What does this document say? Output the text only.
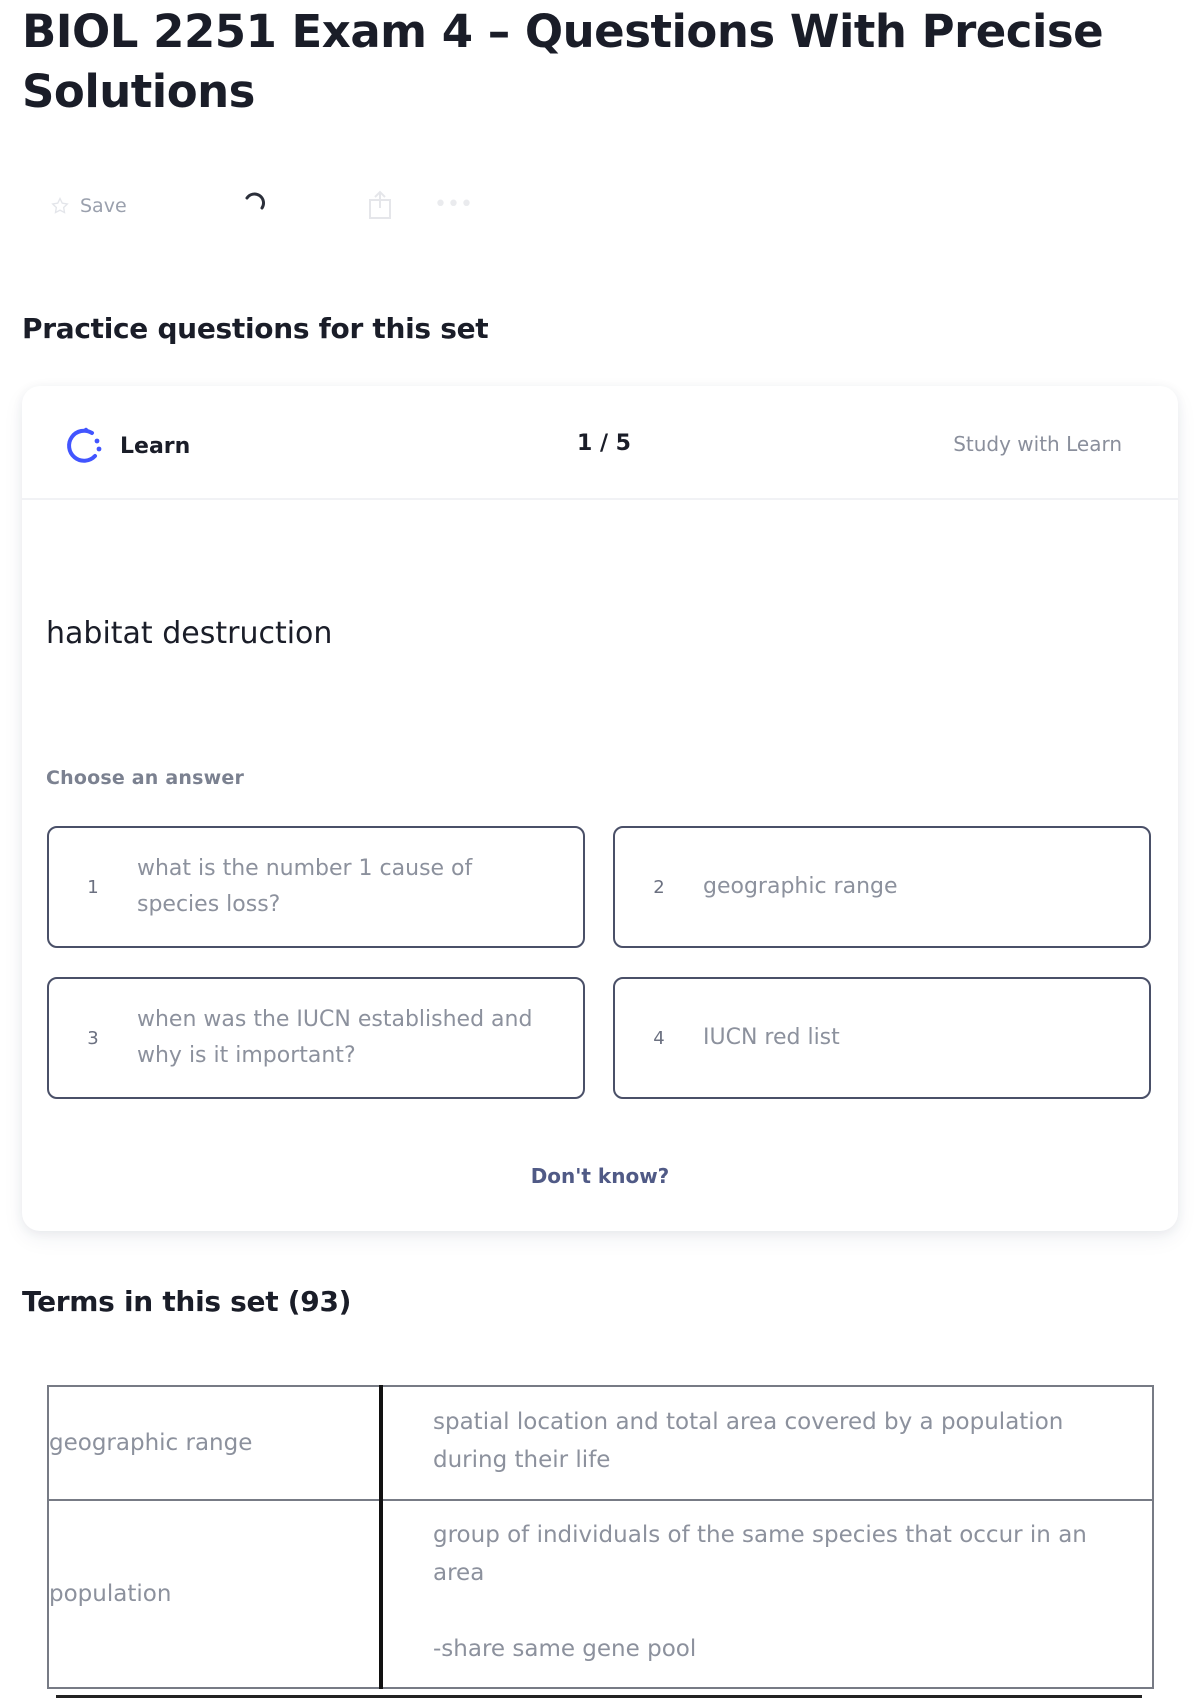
BIOL 2251 Exam 4 – Questions With Precise Solutions
Save	•••
Practice questions for this set
Learn	1 / 5	Study with Learn
habitat destruction
Choose an answer
1
what is the number 1 cause of species loss?
2	geographic range
3
when was the IUCN established and why is it important?
4	IUCN red list
Don't know?
Terms in this set (93)
geographic range	spatial location and total area covered by a population during their life

population	group of individuals of the same species that occur in an area
-share same gene pool
